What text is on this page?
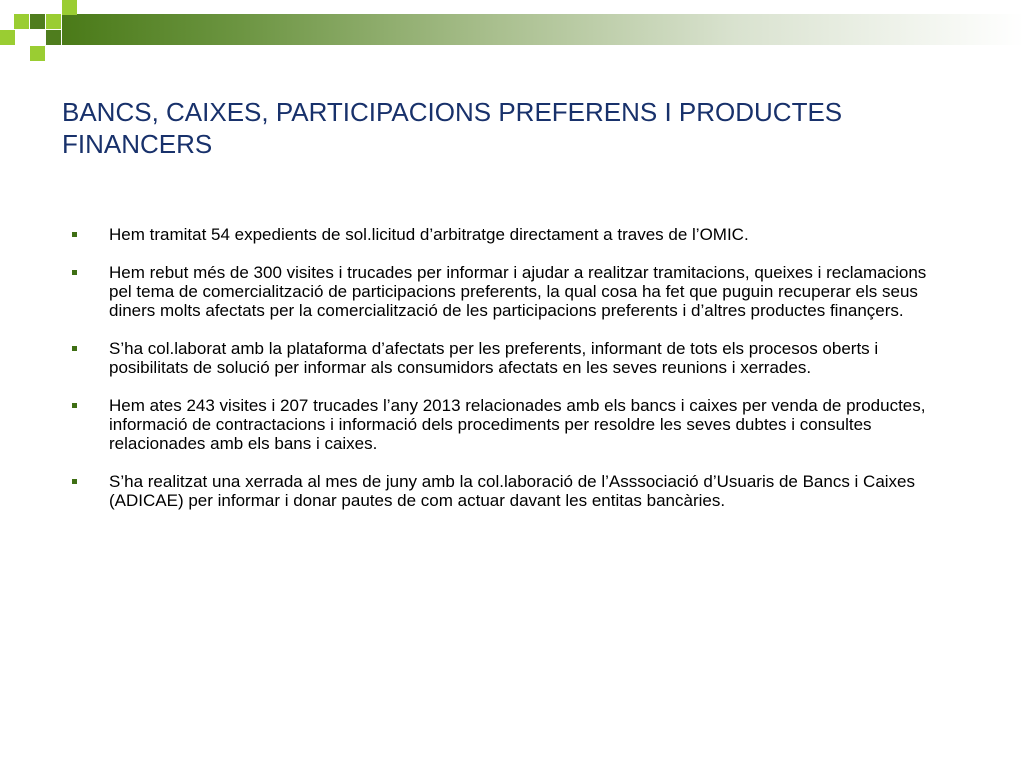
BANCS, CAIXES, PARTICIPACIONS PREFERENS I PRODUCTES FINANCERS
Hem tramitat 54 expedients de sol.licitud d’arbitratge directament a traves de l’OMIC.
Hem rebut més de 300 visites i trucades per informar i ajudar a realitzar tramitacions, queixes i reclamacions pel tema de comercialització de participacions preferents, la qual cosa ha fet que puguin recuperar els seus diners molts afectats per la comercialització de les participacions preferents i d’altres productes finançers.
S’ha col.laborat amb la plataforma d’afectats per les preferents, informant de tots els procesos oberts i posibilitats de solució per informar als consumidors afectats en les seves reunions i xerrades.
Hem ates 243 visites i 207 trucades l’any 2013 relacionades amb els bancs i caixes per venda de productes, informació de contractacions i informació dels procediments per resoldre les seves dubtes i consultes relacionades amb els bans i caixes.
S’ha realitzat una xerrada al mes de juny amb la col.laboració de l’Asssociació d’Usuaris de Bancs i Caixes (ADICAE) per informar i donar pautes de com actuar davant les entitas bancàries.
